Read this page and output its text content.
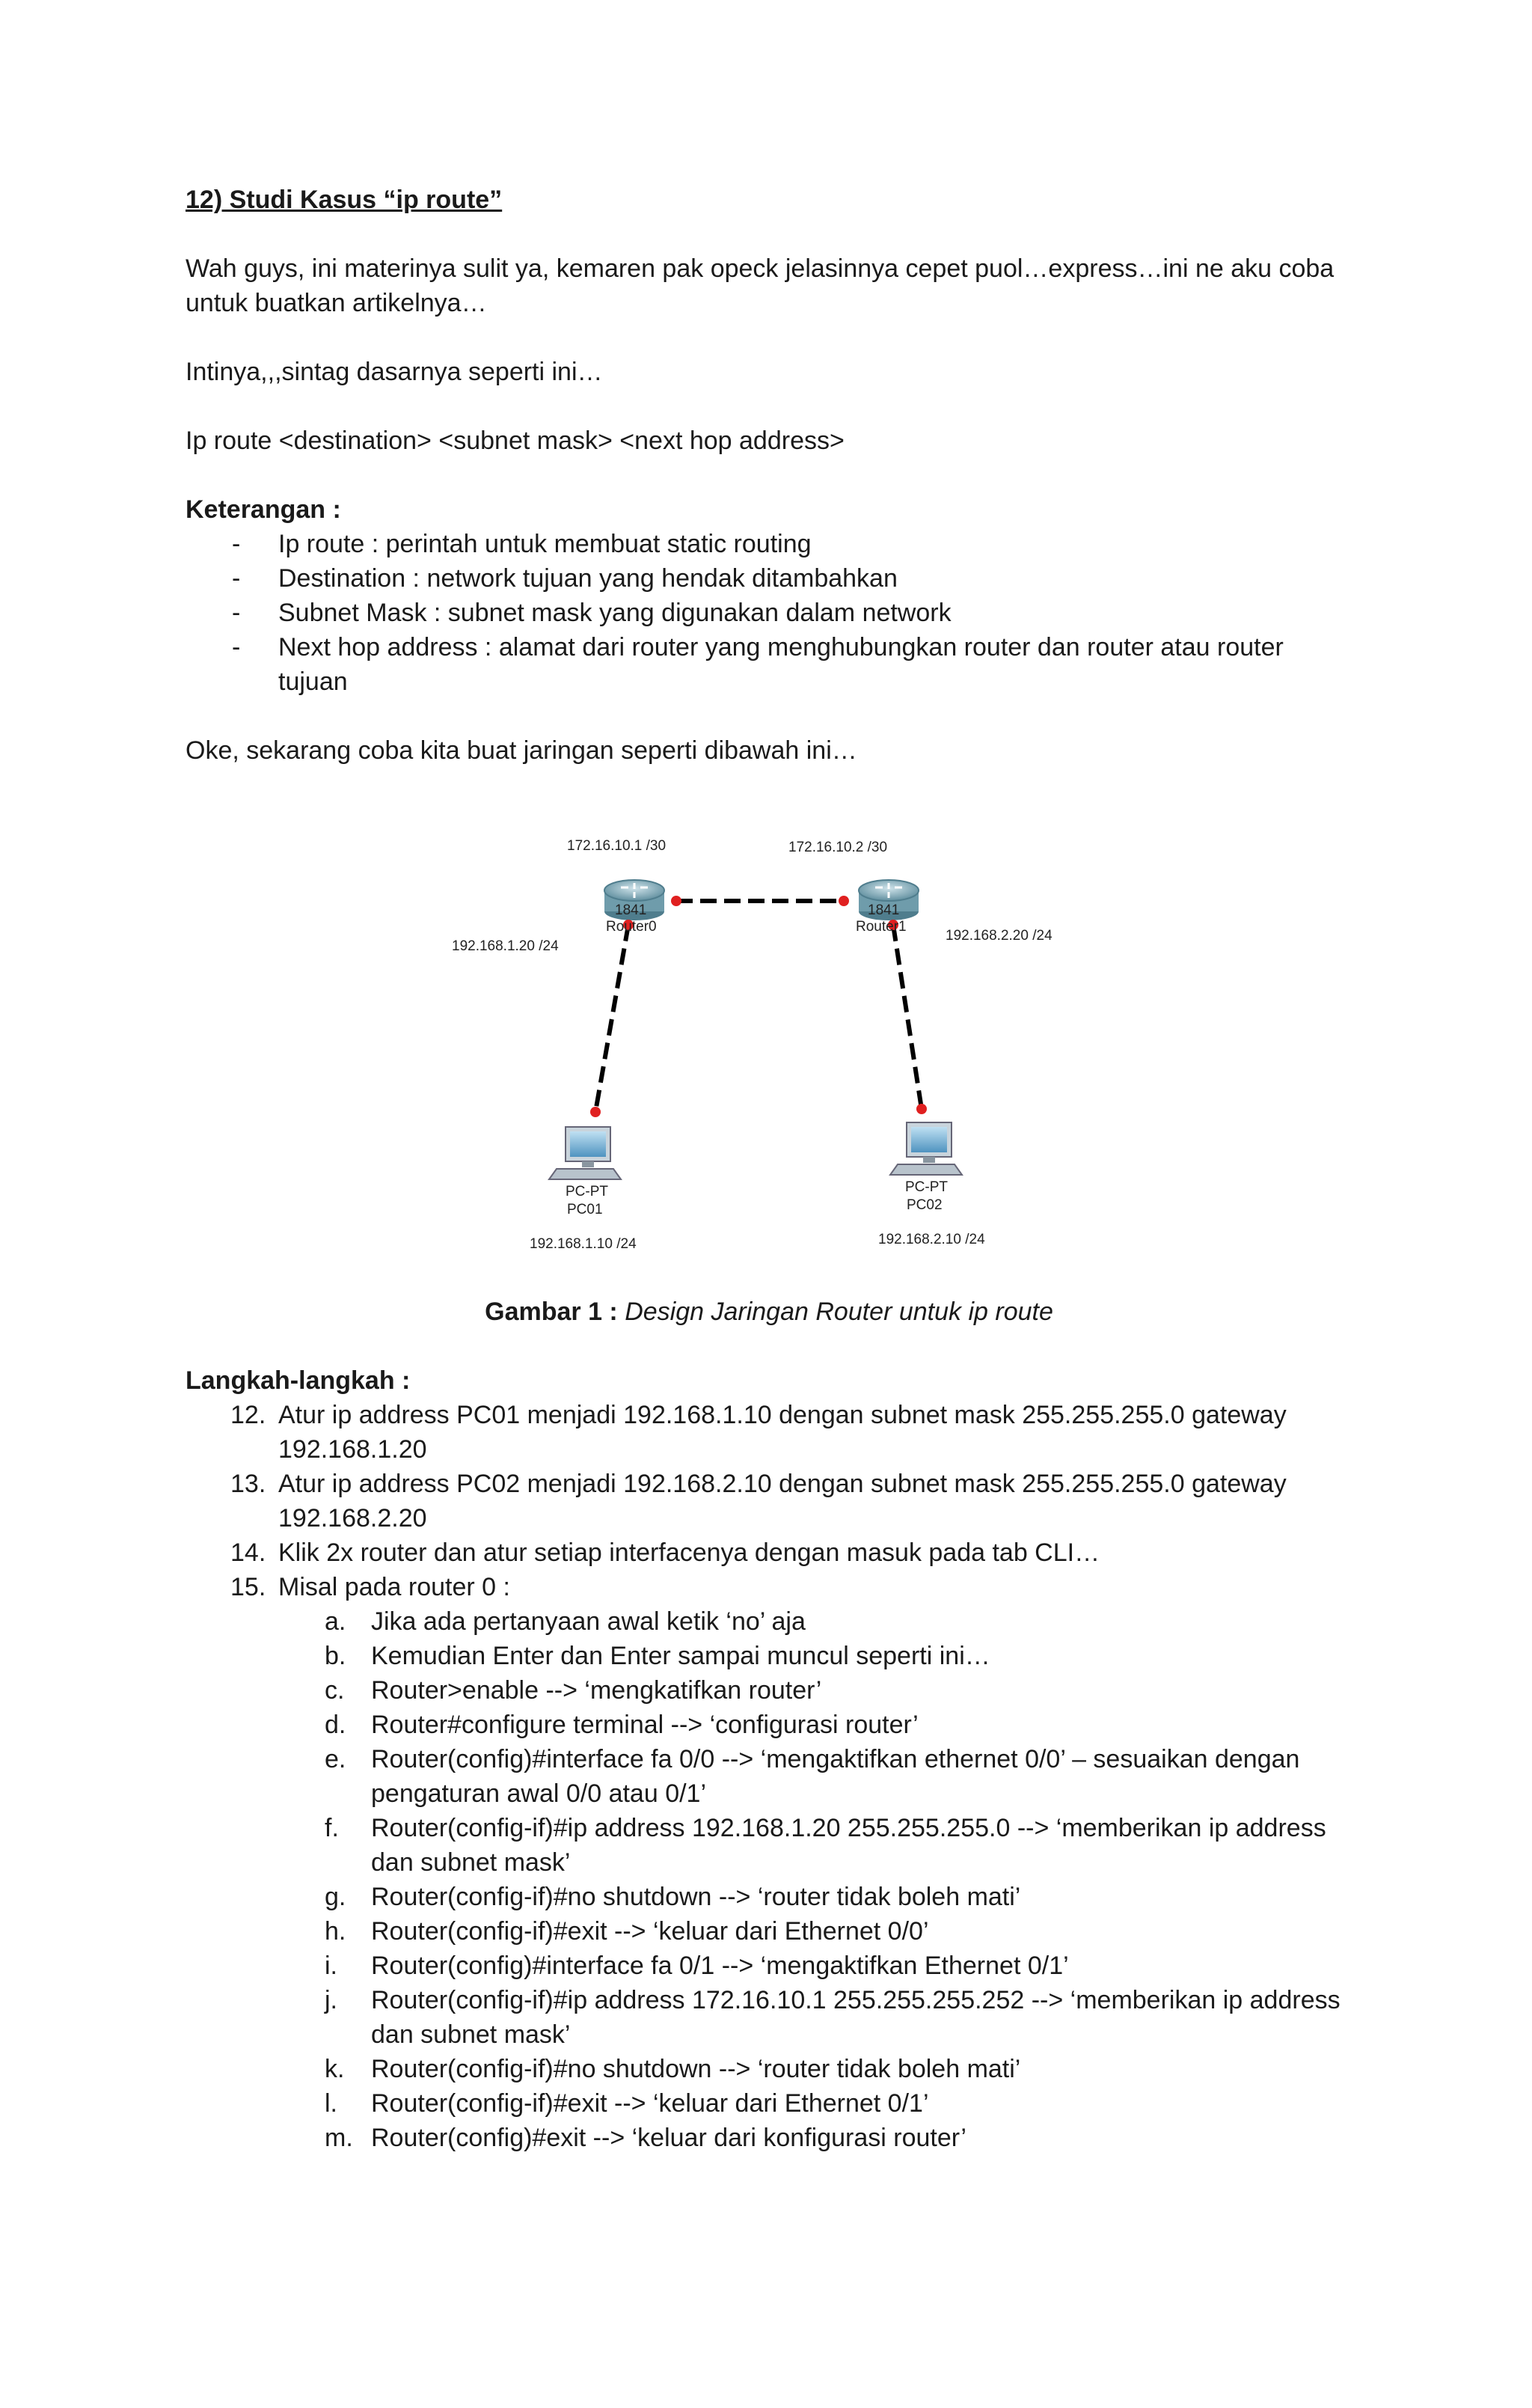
12) Studi Kasus “ip route”

Wah guys, ini materinya sulit ya, kemaren pak opeck jelasinnya cepet puol…express…ini ne aku coba untuk buatkan artikelnya…

Intinya,,,sintag dasarnya seperti ini…

Ip route <destination> <subnet mask> <next hop address>

Keterangan :
- Ip route : perintah untuk membuat static routing
- Destination : network tujuan yang hendak ditambahkan
- Subnet Mask : subnet mask yang digunakan dalam network
- Next hop address : alamat dari router yang menghubungkan router dan router atau router tujuan

Oke, sekarang coba kita buat jaringan seperti dibawah ini…

172.16.10.1 /30	172.16.10.2 /30
1841
Router0
1841
Router1
192.168.1.20 /24
192.168.2.20 /24
PC-PT
PC01
192.168.1.10 /24
PC-PT
PC02
192.168.2.10 /24
Gambar 1 : Design Jaringan Router untuk ip route
Langkah-langkah :
12. Atur ip address PC01 menjadi 192.168.1.10 dengan subnet mask 255.255.255.0 gateway 192.168.1.20
13. Atur ip address PC02 menjadi 192.168.2.10 dengan subnet mask 255.255.255.0 gateway 192.168.2.20
14. Klik 2x router dan atur setiap interfacenya dengan masuk pada tab CLI…
15. Misal pada router 0 :
a. Jika ada pertanyaan awal ketik ‘no’ aja
b. Kemudian Enter dan Enter sampai muncul seperti ini…
c. Router>enable --> ‘mengkatifkan router’
d. Router#configure terminal --> ‘configurasi router’
e. Router(config)#interface fa 0/0 --> ‘mengaktifkan ethernet 0/0’ – sesuaikan dengan pengaturan awal 0/0 atau 0/1’
f. Router(config-if)#ip address 192.168.1.20 255.255.255.0 --> ‘memberikan ip address dan subnet mask’
g. Router(config-if)#no shutdown --> ‘router tidak boleh mati’
h. Router(config-if)#exit --> ‘keluar dari Ethernet 0/0’
i. Router(config)#interface fa 0/1 --> ‘mengaktifkan Ethernet 0/1’
j. Router(config-if)#ip address 172.16.10.1 255.255.255.252 --> ‘memberikan ip address dan subnet mask’
k. Router(config-if)#no shutdown --> ‘router tidak boleh mati’
l. Router(config-if)#exit --> ‘keluar dari Ethernet 0/1’
m. Router(config)#exit --> ‘keluar dari konfigurasi router’
